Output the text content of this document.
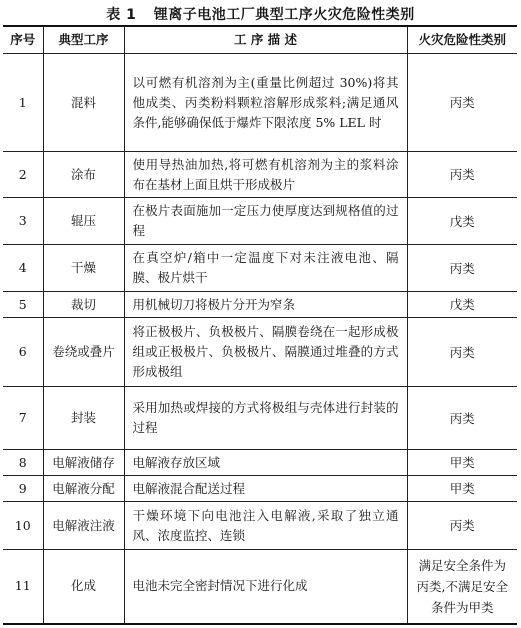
表 1 锂离子电池工厂典型工序火灾危险性类别
序号	典型工序	工 序 描 述	火灾危险性类别
1	混料	以可燃有机溶剂为主(重量比例超过 30%)将其他成类、丙类粉料颗粒溶解形成浆料;满足通风条件,能够确保低于爆炸下限浓度 5% LEL 时	丙类
2	涂布	使用导热油加热,将可燃有机溶剂为主的浆料涂布在基材上面且烘干形成极片	丙类
3	辊压	在极片表面施加一定压力使厚度达到规格值的过程	戊类
4	干燥	在真空炉/箱中一定温度下对未注液电池、隔膜、极片烘干	丙类
5	裁切	用机械切刀将极片分开为窄条	戊类
6	卷绕或叠片	将正极极片、负极极片、隔膜卷绕在一起形成极组或正极极片、负极极片、隔膜通过堆叠的方式形成极组	丙类
7	封装	采用加热或焊接的方式将极组与壳体进行封装的过程	丙类
8	电解液储存	电解液存放区域	甲类
9	电解液分配	电解液混合配送过程	甲类
10	电解液注液	干燥环境下向电池注入电解液,采取了独立通风、浓度监控、连锁	丙类
11	化成	电池未完全密封情况下进行化成	满足安全条件为丙类,不满足安全条件为甲类
